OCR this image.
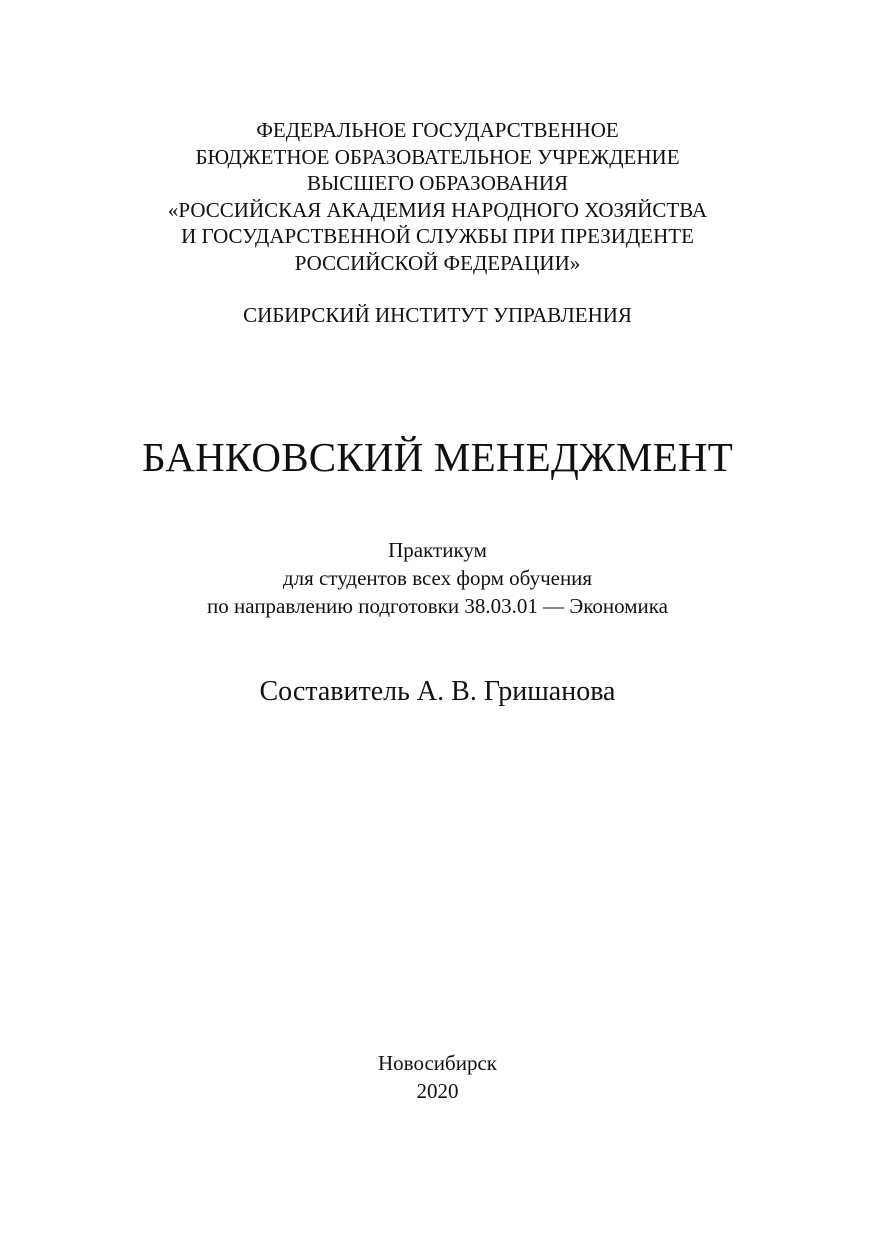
ФЕДЕРАЛЬНОЕ ГОСУДАРСТВЕННОЕ
БЮДЖЕТНОЕ ОБРАЗОВАТЕЛЬНОЕ УЧРЕЖДЕНИЕ
ВЫСШЕГО ОБРАЗОВАНИЯ
«РОССИЙСКАЯ АКАДЕМИЯ НАРОДНОГО ХОЗЯЙСТВА
И ГОСУДАРСТВЕННОЙ СЛУЖБЫ ПРИ ПРЕЗИДЕНТЕ
РОССИЙСКОЙ ФЕДЕРАЦИИ»
СИБИРСКИЙ ИНСТИТУТ УПРАВЛЕНИЯ
БАНКОВСКИЙ МЕНЕДЖМЕНТ
Практикум
для студентов всех форм обучения
по направлению подготовки 38.03.01 — Экономика
Составитель А. В. Гришанова
Новосибирск
2020
